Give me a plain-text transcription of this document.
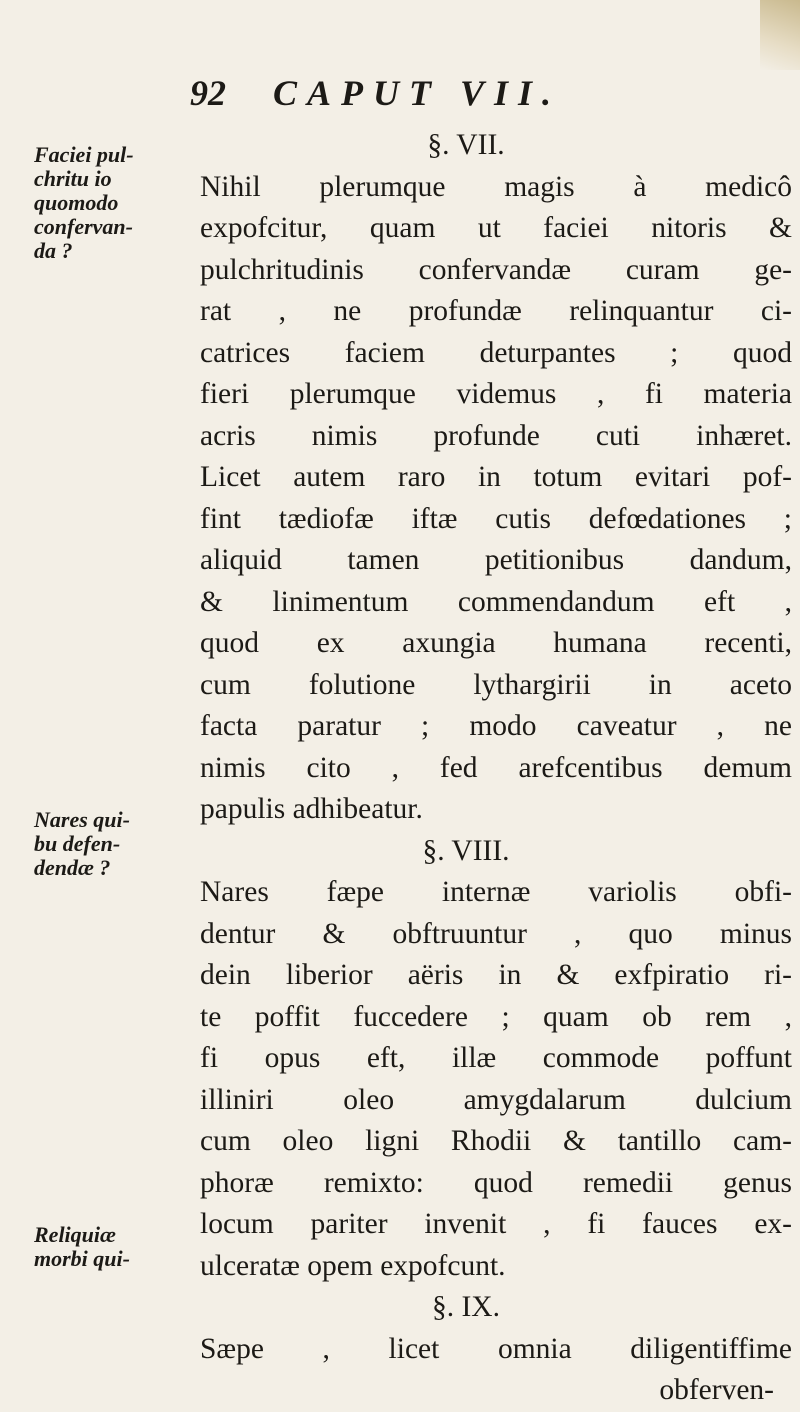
92 CAPUT VII.
Faciei pul-
chritu io
quomodo
confervan-
da ?
Nares qui-
bu defen-
dendæ ?
Reliquiæ
morbi qui-
§. VII.
Nihil plerumque magis à medicô
expofcitur, quam ut faciei nitoris &
pulchritudinis confervandæ curam ge-
rat , ne profundæ relinquantur ci-
catrices faciem deturpantes ; quod
fieri plerumque videmus , fi materia
acris nimis profunde cuti inhæret.
Licet autem raro in totum evitari pof-
fint tædiofæ iftæ cutis defœdationes ;
aliquid tamen petitionibus dandum,
& linimentum commendandum eft ,
quod ex axungia humana recenti,
cum folutione lythargirii in aceto
facta paratur ; modo caveatur , ne
nimis cito , fed arefcentibus demum
papulis adhibeatur.
§. VIII.
Nares fæpe internæ variolis obfi-
dentur & obftruuntur , quo minus
dein liberior aëris in & exfpiratio ri-
te poffit fuccedere ; quam ob rem ,
fi opus eft, illæ commode poffunt
illiniri oleo amygdalarum dulcium
cum oleo ligni Rhodii & tantillo cam-
phoræ remixto: quod remedii genus
locum pariter invenit , fi fauces ex-
ulceratæ opem expofcunt.
§. IX.
Sæpe , licet omnia diligentiffime
obferven-
